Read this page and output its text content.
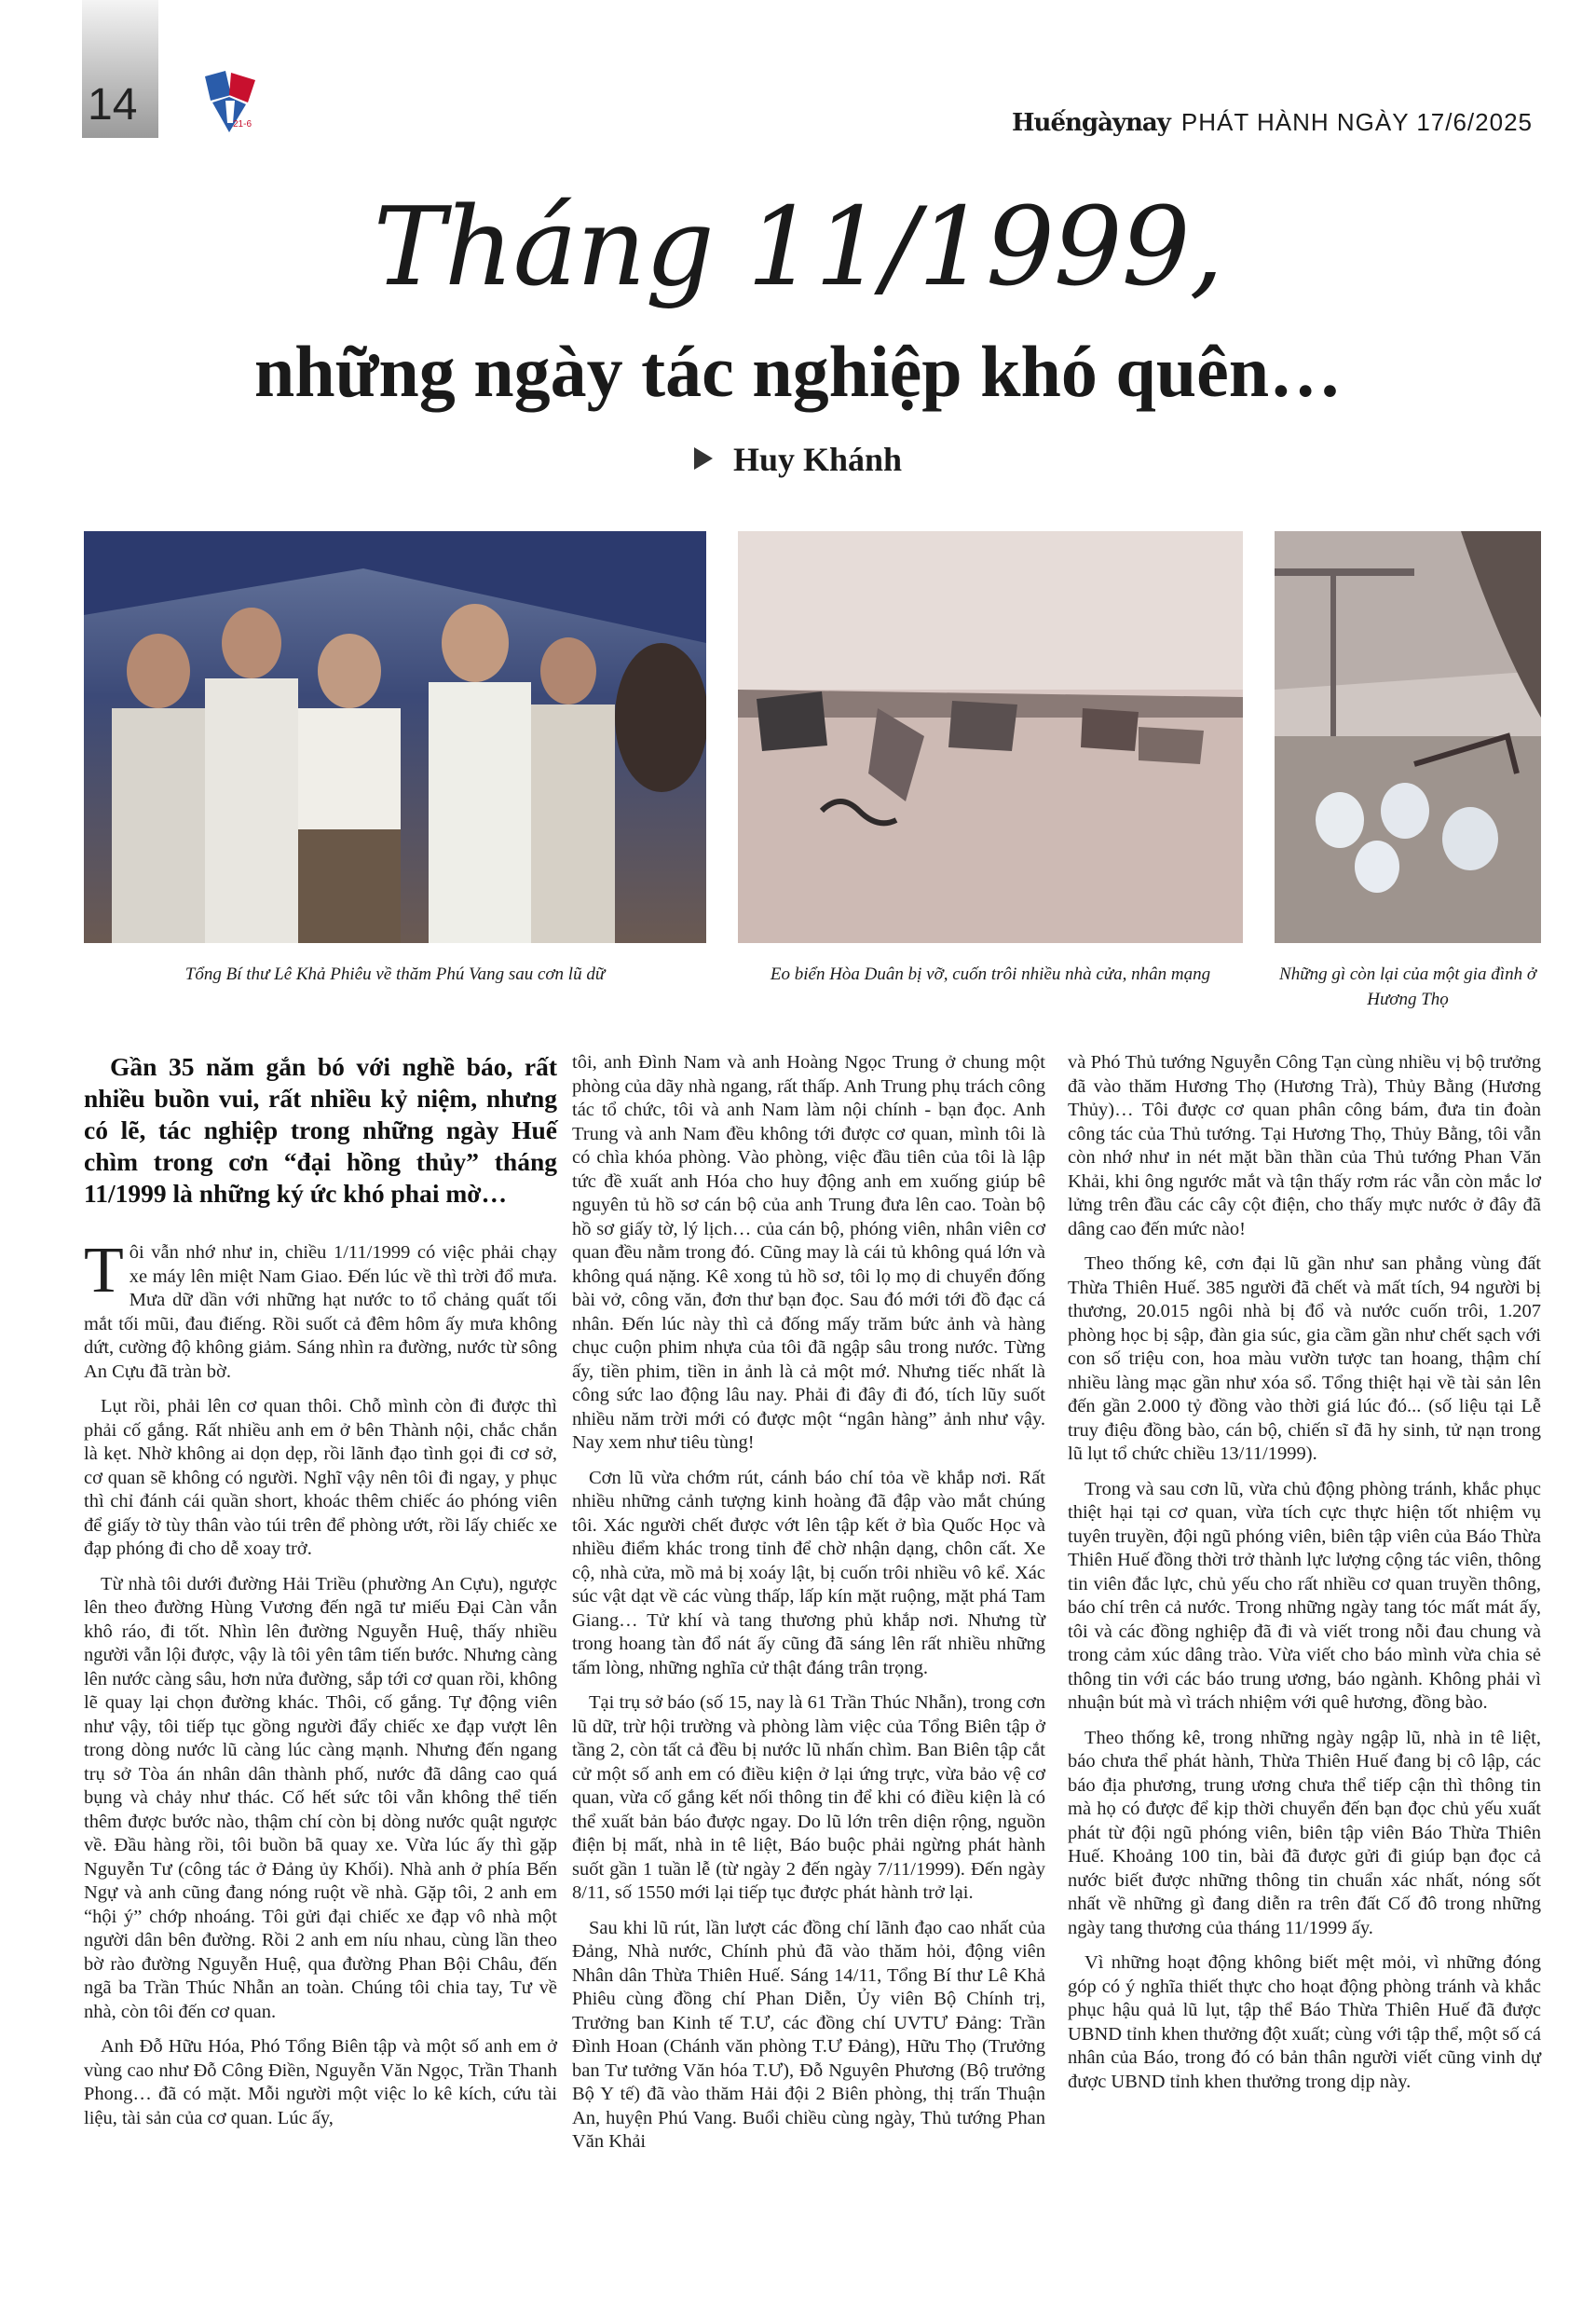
14	21-6	Huếngàynay PHÁT HÀNH NGÀY 17/6/2025
Tháng 11/1999,
những ngày tác nghiệp khó quên…
Huy Khánh
Tổng Bí thư Lê Khả Phiêu về thăm Phú Vang sau cơn lũ dữ	Eo biển Hòa Duân bị vỡ, cuốn trôi nhiều nhà cửa, nhân mạng	Những gì còn lại của một gia đình ở Hương Thọ

Gần 35 năm gắn bó với nghề báo, rất nhiều buồn vui, rất nhiều kỷ niệm, nhưng có lẽ, tác nghiệp trong những ngày Huế chìm trong cơn “đại hồng thủy” tháng 11/1999 là những ký ức khó phai mờ…

Tôi vẫn nhớ như in, chiều 1/11/1999 có việc phải chạy xe máy lên miệt Nam Giao. Đến lúc về thì trời đổ mưa. Mưa dữ dần với những hạt nước to tổ chảng quất tối mắt tối mũi, đau điếng. Rồi suốt cả đêm hôm ấy mưa không dứt, cường độ không giảm. Sáng nhìn ra đường, nước từ sông An Cựu đã tràn bờ.

Lụt rồi, phải lên cơ quan thôi. Chỗ mình còn đi được thì phải cố gắng. Rất nhiều anh em ở bên Thành nội, chắc chắn là kẹt. Nhờ không ai dọn dẹp, rồi lãnh đạo tình gọi đi cơ sở, cơ quan sẽ không có người. Nghĩ vậy nên tôi đi ngay, y phục thì chỉ đánh cái quần short, khoác thêm chiếc áo phóng viên để giấy tờ tùy thân vào túi trên để phòng ướt, rồi lấy chiếc xe đạp phóng đi cho dễ xoay trở.

Từ nhà tôi dưới đường Hải Triều (phường An Cựu), ngược lên theo đường Hùng Vương đến ngã tư miếu Đại Càn vẫn khô ráo, đi tốt. Nhìn lên đường Nguyễn Huệ, thấy nhiều người vẫn lội được, vậy là tôi yên tâm tiến bước. Nhưng càng lên nước càng sâu, hơn nửa đường, sắp tới cơ quan rồi, không lẽ quay lại chọn đường khác. Thôi, cố gắng. Tự động viên như vậy, tôi tiếp tục gồng người đẩy chiếc xe đạp vượt lên trong dòng nước lũ càng lúc càng mạnh. Nhưng đến ngang trụ sở Tòa án nhân dân thành phố, nước đã dâng cao quá bụng và chảy như thác. Cố hết sức tôi vẫn không thể tiến thêm được bước nào, thậm chí còn bị dòng nước quật ngược về. Đầu hàng rồi, tôi buồn bã quay xe. Vừa lúc ấy thì gặp Nguyễn Tư (công tác ở Đảng ủy Khối). Nhà anh ở phía Bến Ngự và anh cũng đang nóng ruột về nhà. Gặp tôi, 2 anh em “hội ý” chớp nhoáng. Tôi gửi đại chiếc xe đạp vô nhà một người dân bên đường. Rồi 2 anh em níu nhau, cùng lần theo bờ rào đường Nguyễn Huệ, qua đường Phan Bội Châu, đến ngã ba Trần Thúc Nhẫn an toàn. Chúng tôi chia tay, Tư về nhà, còn tôi đến cơ quan.

Anh Đỗ Hữu Hóa, Phó Tổng Biên tập và một số anh em ở vùng cao như Đỗ Công Điền, Nguyễn Văn Ngọc, Trần Thanh Phong… đã có mặt. Mỗi người một việc lo kê kích, cứu tài liệu, tài sản của cơ quan. Lúc ấy,

tôi, anh Đình Nam và anh Hoàng Ngọc Trung ở chung một phòng của dãy nhà ngang, rất thấp. Anh Trung phụ trách công tác tổ chức, tôi và anh Nam làm nội chính - bạn đọc. Anh Trung và anh Nam đều không tới được cơ quan, mình tôi là có chìa khóa phòng. Vào phòng, việc đầu tiên của tôi là lập tức đề xuất anh Hóa cho huy động anh em xuống giúp bê nguyên tủ hồ sơ cán bộ của anh Trung đưa lên cao. Toàn bộ hồ sơ giấy tờ, lý lịch… của cán bộ, phóng viên, nhân viên cơ quan đều nằm trong đó. Cũng may là cái tủ không quá lớn và không quá nặng. Kê xong tủ hồ sơ, tôi lọ mọ di chuyển đống bài vở, công văn, đơn thư bạn đọc. Sau đó mới tới đồ đạc cá nhân. Đến lúc này thì cả đống mấy trăm bức ảnh và hàng chục cuộn phim nhựa của tôi đã ngập sâu trong nước. Từng ấy, tiền phim, tiền in ảnh là cả một mớ. Nhưng tiếc nhất là công sức lao động lâu nay. Phải đi đây đi đó, tích lũy suốt nhiều năm trời mới có được một “ngân hàng” ảnh như vậy. Nay xem như tiêu tùng!

Cơn lũ vừa chớm rút, cánh báo chí tỏa về khắp nơi. Rất nhiều những cảnh tượng kinh hoàng đã đập vào mắt chúng tôi. Xác người chết được vớt lên tập kết ở bìa Quốc Học và nhiều điểm khác trong tỉnh để chờ nhận dạng, chôn cất. Xe cộ, nhà cửa, mồ mả bị xoáy lật, bị cuốn trôi nhiều vô kể. Xác súc vật dạt về các vùng thấp, lấp kín mặt ruộng, mặt phá Tam Giang… Tử khí và tang thương phủ khắp nơi. Nhưng từ trong hoang tàn đổ nát ấy cũng đã sáng lên rất nhiều những tấm lòng, những nghĩa cử thật đáng trân trọng.

Tại trụ sở báo (số 15, nay là 61 Trần Thúc Nhẫn), trong cơn lũ dữ, trừ hội trường và phòng làm việc của Tổng Biên tập ở tầng 2, còn tất cả đều bị nước lũ nhấn chìm. Ban Biên tập cắt cử một số anh em có điều kiện ở lại ứng trực, vừa bảo vệ cơ quan, vừa cố gắng kết nối thông tin để khi có điều kiện là có thể xuất bản báo được ngay. Do lũ lớn trên diện rộng, nguồn điện bị mất, nhà in tê liệt, Báo buộc phải ngừng phát hành suốt gần 1 tuần lễ (từ ngày 2 đến ngày 7/11/1999). Đến ngày 8/11, số 1550 mới lại tiếp tục được phát hành trở lại.

Sau khi lũ rút, lần lượt các đồng chí lãnh đạo cao nhất của Đảng, Nhà nước, Chính phủ đã vào thăm hỏi, động viên Nhân dân Thừa Thiên Huế. Sáng 14/11, Tổng Bí thư Lê Khả Phiêu cùng đồng chí Phan Diễn, Ủy viên Bộ Chính trị, Trưởng ban Kinh tế T.Ư, các đồng chí UVTƯ Đảng: Trần Đình Hoan (Chánh văn phòng T.Ư Đảng), Hữu Thọ (Trưởng ban Tư tưởng Văn hóa T.Ư), Đỗ Nguyên Phương (Bộ trưởng Bộ Y tế) đã vào thăm Hải đội 2 Biên phòng, thị trấn Thuận An, huyện Phú Vang. Buổi chiều cùng ngày, Thủ tướng Phan Văn Khải

và Phó Thủ tướng Nguyễn Công Tạn cùng nhiều vị bộ trưởng đã vào thăm Hương Thọ (Hương Trà), Thủy Bằng (Hương Thủy)… Tôi được cơ quan phân công bám, đưa tin đoàn công tác của Thủ tướng. Tại Hương Thọ, Thủy Bằng, tôi vẫn còn nhớ như in nét mặt bần thần của Thủ tướng Phan Văn Khải, khi ông ngước mắt và tận thấy rơm rác vẫn còn mắc lơ lửng trên đầu các cây cột điện, cho thấy mực nước ở đây đã dâng cao đến mức nào!

Theo thống kê, cơn đại lũ gần như san phẳng vùng đất Thừa Thiên Huế. 385 người đã chết và mất tích, 94 người bị thương, 20.015 ngôi nhà bị đổ và nước cuốn trôi, 1.207 phòng học bị sập, đàn gia súc, gia cầm gần như chết sạch với con số triệu con, hoa màu vườn tược tan hoang, thậm chí nhiều làng mạc gần như xóa sổ. Tổng thiệt hại về tài sản lên đến gần 2.000 tỷ đồng vào thời giá lúc đó... (số liệu tại Lễ truy điệu đồng bào, cán bộ, chiến sĩ đã hy sinh, tử nạn trong lũ lụt tổ chức chiều 13/11/1999).

Trong và sau cơn lũ, vừa chủ động phòng tránh, khắc phục thiệt hại tại cơ quan, vừa tích cực thực hiện tốt nhiệm vụ tuyên truyền, đội ngũ phóng viên, biên tập viên của Báo Thừa Thiên Huế đồng thời trở thành lực lượng cộng tác viên, thông tin viên đắc lực, chủ yếu cho rất nhiều cơ quan truyền thông, báo chí trên cả nước. Trong những ngày tang tóc mất mát ấy, tôi và các đồng nghiệp đã đi và viết trong nỗi đau chung và trong cảm xúc dâng trào. Vừa viết cho báo mình vừa chia sẻ thông tin với các báo trung ương, báo ngành. Không phải vì nhuận bút mà vì trách nhiệm với quê hương, đồng bào.

Theo thống kê, trong những ngày ngập lũ, nhà in tê liệt, báo chưa thể phát hành, Thừa Thiên Huế đang bị cô lập, các báo địa phương, trung ương chưa thể tiếp cận thì thông tin mà họ có được để kịp thời chuyển đến bạn đọc chủ yếu xuất phát từ đội ngũ phóng viên, biên tập viên Báo Thừa Thiên Huế. Khoảng 100 tin, bài đã được gửi đi giúp bạn đọc cả nước biết được những thông tin chuẩn xác nhất, nóng sốt nhất về những gì đang diễn ra trên đất Cố đô trong những ngày tang thương của tháng 11/1999 ấy.

Vì những hoạt động không biết mệt mỏi, vì những đóng góp có ý nghĩa thiết thực cho hoạt động phòng tránh và khắc phục hậu quả lũ lụt, tập thể Báo Thừa Thiên Huế đã được UBND tỉnh khen thưởng đột xuất; cùng với tập thể, một số cá nhân của Báo, trong đó có bản thân người viết cũng vinh dự được UBND tỉnh khen thưởng trong dịp này.
